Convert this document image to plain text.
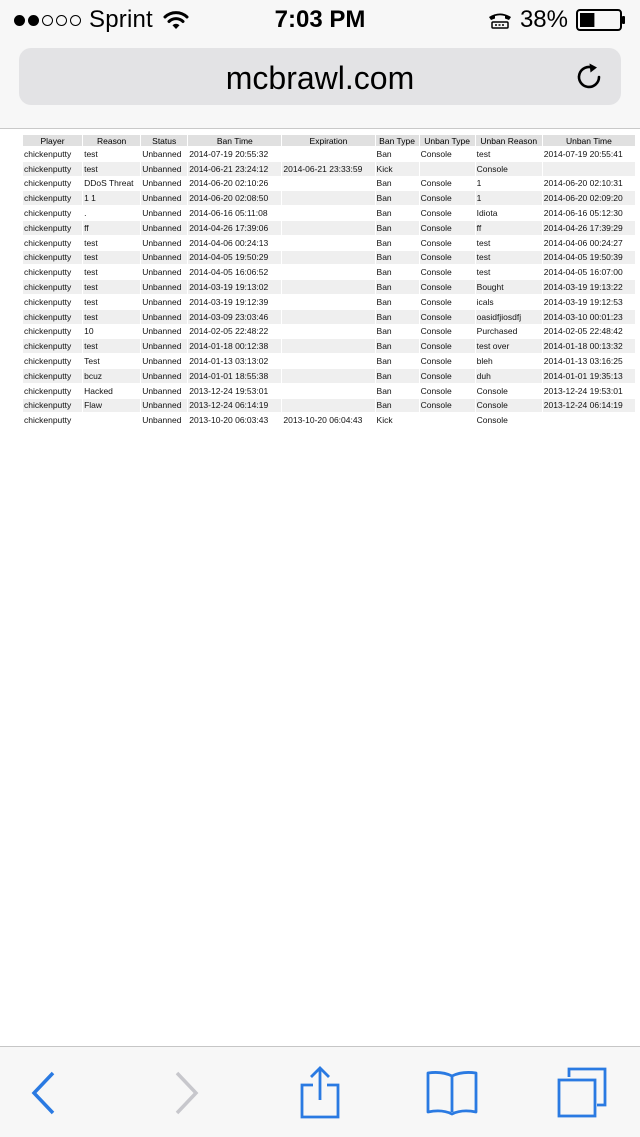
Sprint	7:03 PM	38%
mcbrawl.com
Player	Reason	Status	Ban Time	Expiration	Ban Type	Unban Type	Unban Reason	Unban Time
chickenputty	test	Unbanned	2014-07-19 20:55:32		Ban	Console	test	2014-07-19 20:55:41
chickenputty	test	Unbanned	2014-06-21 23:24:12	2014-06-21 23:33:59	Kick		Console	
chickenputty	DDoS Threat	Unbanned	2014-06-20 02:10:26		Ban	Console	1	2014-06-20 02:10:31
chickenputty	1 1	Unbanned	2014-06-20 02:08:50		Ban	Console	1	2014-06-20 02:09:20
chickenputty	.	Unbanned	2014-06-16 05:11:08		Ban	Console	Idiota	2014-06-16 05:12:30
chickenputty	ff	Unbanned	2014-04-26 17:39:06		Ban	Console	ff	2014-04-26 17:39:29
chickenputty	test	Unbanned	2014-04-06 00:24:13		Ban	Console	test	2014-04-06 00:24:27
chickenputty	test	Unbanned	2014-04-05 19:50:29		Ban	Console	test	2014-04-05 19:50:39
chickenputty	test	Unbanned	2014-04-05 16:06:52		Ban	Console	test	2014-04-05 16:07:00
chickenputty	test	Unbanned	2014-03-19 19:13:02		Ban	Console	Bought	2014-03-19 19:13:22
chickenputty	test	Unbanned	2014-03-19 19:12:39		Ban	Console	icals	2014-03-19 19:12:53
chickenputty	test	Unbanned	2014-03-09 23:03:46		Ban	Console	oasidfjiosdfj	2014-03-10 00:01:23
chickenputty	10	Unbanned	2014-02-05 22:48:22		Ban	Console	Purchased	2014-02-05 22:48:42
chickenputty	test	Unbanned	2014-01-18 00:12:38		Ban	Console	test over	2014-01-18 00:13:32
chickenputty	Test	Unbanned	2014-01-13 03:13:02		Ban	Console	bleh	2014-01-13 03:16:25
chickenputty	bcuz	Unbanned	2014-01-01 18:55:38		Ban	Console	duh	2014-01-01 19:35:13
chickenputty	Hacked	Unbanned	2013-12-24 19:53:01		Ban	Console	Console	2013-12-24 19:53:01
chickenputty	Flaw	Unbanned	2013-12-24 06:14:19		Ban	Console	Console	2013-12-24 06:14:19
chickenputty		Unbanned	2013-10-20 06:03:43	2013-10-20 06:04:43	Kick		Console	
